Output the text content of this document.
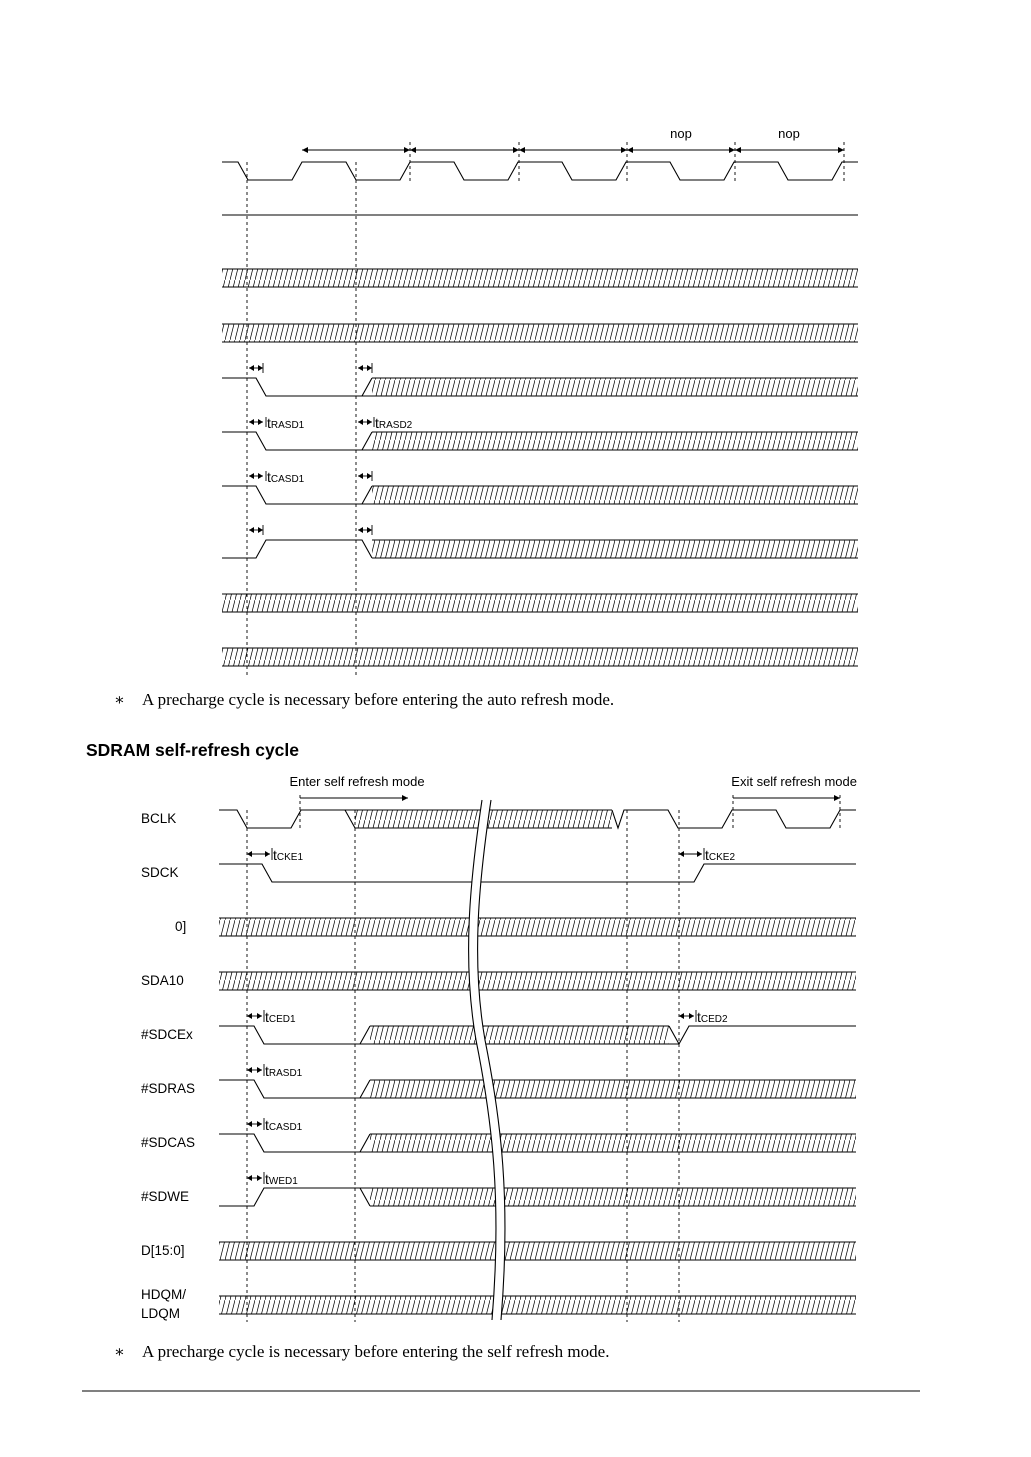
nop	nop
tRASD1	tRASD2
tCASD1
∗ A precharge cycle is necessary before entering the auto refresh mode.
SDRAM self-refresh cycle
Enter self refresh mode	Exit self refresh mode
BCLK
SDCK
0]
SDA10
#SDCEx
#SDRAS
#SDCAS
#SDWE
D[15:0]
HDQM/
LDQM
tCKE1	tCKE2
tCED1	tCED2
tRASD1
tCASD1
tWED1
∗ A precharge cycle is necessary before entering the self refresh mode.
